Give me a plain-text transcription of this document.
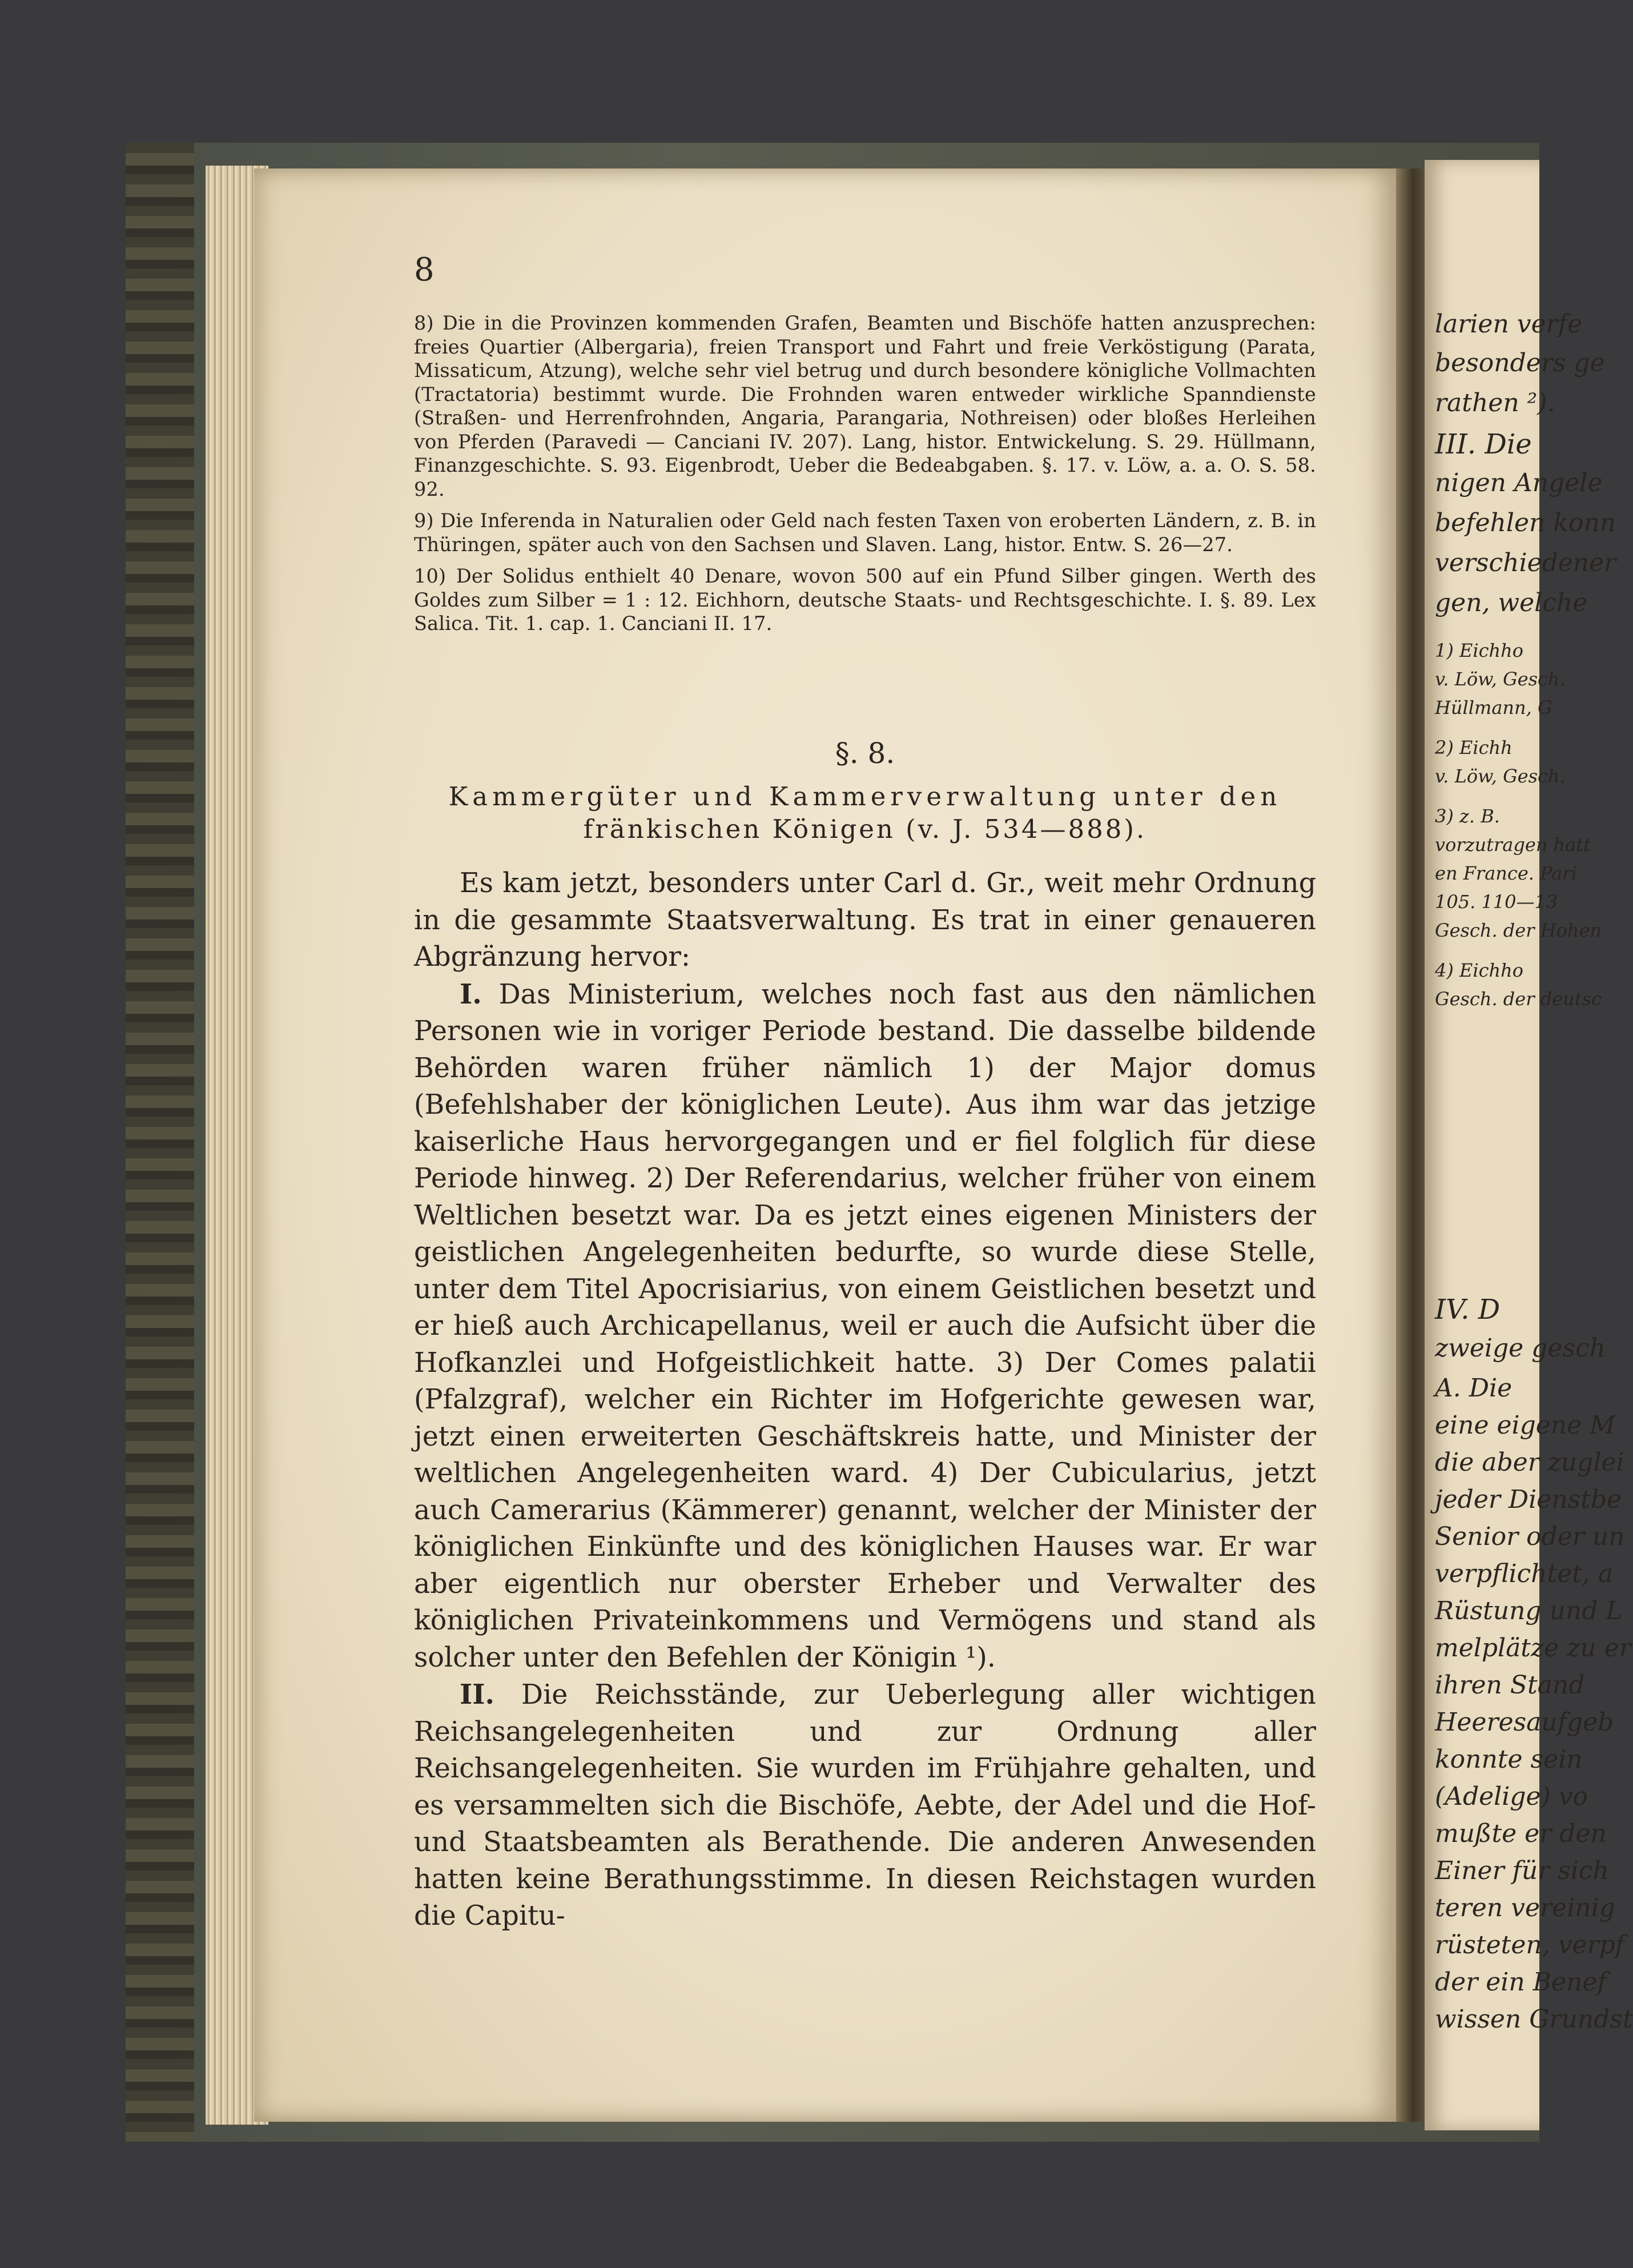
larien verfe
besonders ge
rathen ²).
III. Die
nigen Angele
befehlen konn
verschiedener
gen, welche
1) Eichho
v. Löw, Gesch.
Hüllmann, G
2) Eichh
v. Löw, Gesch.
3) z. B.
vorzutragen hatt
en France. Pari
105. 110—13
Gesch. der Hohen
4) Eichho
Gesch. der deutsc
IV. D
zweige gesch
A. Die
eine eigene M
die aber zuglei
jeder Dienstbe
Senior oder un
verpflichtet, a
Rüstung und L
melplätze zu er
ihren Stand
Heeresaufgeb
konnte sein
(Adelige) vo
mußte er den
Einer für sich
teren vereinig
rüsteten, verpf
der ein Benef
wissen Grundst
8

8) Die in die Provinzen kommenden Grafen, Beamten und Bischöfe hatten anzusprechen: freies Quartier (Albergaria), freien Transport und Fahrt und freie Verköstigung (Parata, Missaticum, Atzung), welche sehr viel betrug und durch besondere königliche Vollmachten (Tractatoria) bestimmt wurde. Die Frohnden waren entweder wirkliche Spanndienste (Straßen- und Herrenfrohnden, Angaria, Parangaria, Nothreisen) oder bloßes Herleihen von Pferden (Paravedi — Canciani IV. 207). Lang, histor. Entwickelung. S. 29. Hüllmann, Finanzgeschichte. S. 93. Eigenbrodt, Ueber die Bedeabgaben. §. 17. v. Löw, a. a. O. S. 58. 92.

9) Die Inferenda in Naturalien oder Geld nach festen Taxen von eroberten Ländern, z. B. in Thüringen, später auch von den Sachsen und Slaven. Lang, histor. Entw. S. 26—27.

10) Der Solidus enthielt 40 Denare, wovon 500 auf ein Pfund Silber gingen. Werth des Goldes zum Silber = 1 : 12. Eichhorn, deutsche Staats- und Rechtsgeschichte. I. §. 89. Lex Salica. Tit. 1. cap. 1. Canciani II. 17.

§. 8.

Kammergüter und Kammerverwaltung unter den

fränkischen Königen (v. J. 534—888).

Es kam jetzt, besonders unter Carl d. Gr., weit mehr Ordnung in die gesammte Staatsverwaltung. Es trat in einer genaueren Abgränzung hervor:

I. Das Ministerium, welches noch fast aus den nämlichen Personen wie in voriger Periode bestand. Die dasselbe bildende Behörden waren früher nämlich 1) der Major domus (Befehlshaber der königlichen Leute). Aus ihm war das jetzige kaiserliche Haus hervorgegangen und er fiel folglich für diese Periode hinweg. 2) Der Referendarius, welcher früher von einem Weltlichen besetzt war. Da es jetzt eines eigenen Ministers der geistlichen Angelegenheiten bedurfte, so wurde diese Stelle, unter dem Titel Apocrisiarius, von einem Geistlichen besetzt und er hieß auch Archicapellanus, weil er auch die Aufsicht über die Hofkanzlei und Hofgeistlichkeit hatte. 3) Der Comes palatii (Pfalzgraf), welcher ein Richter im Hofgerichte gewesen war, jetzt einen erweiterten Geschäftskreis hatte, und Minister der weltlichen Angelegenheiten ward. 4) Der Cubicularius, jetzt auch Camerarius (Kämmerer) genannt, welcher der Minister der königlichen Einkünfte und des königlichen Hauses war. Er war aber eigentlich nur oberster Erheber und Verwalter des königlichen Privateinkommens und Vermögens und stand als solcher unter den Befehlen der Königin ¹).

II. Die Reichsstände, zur Ueberlegung aller wichtigen Reichsangelegenheiten und zur Ordnung aller Reichsangelegenheiten. Sie wurden im Frühjahre gehalten, und es versammelten sich die Bischöfe, Aebte, der Adel und die Hof- und Staatsbeamten als Berathende. Die anderen Anwesenden hatten keine Berathungsstimme. In diesen Reichstagen wurden die Capitu-
